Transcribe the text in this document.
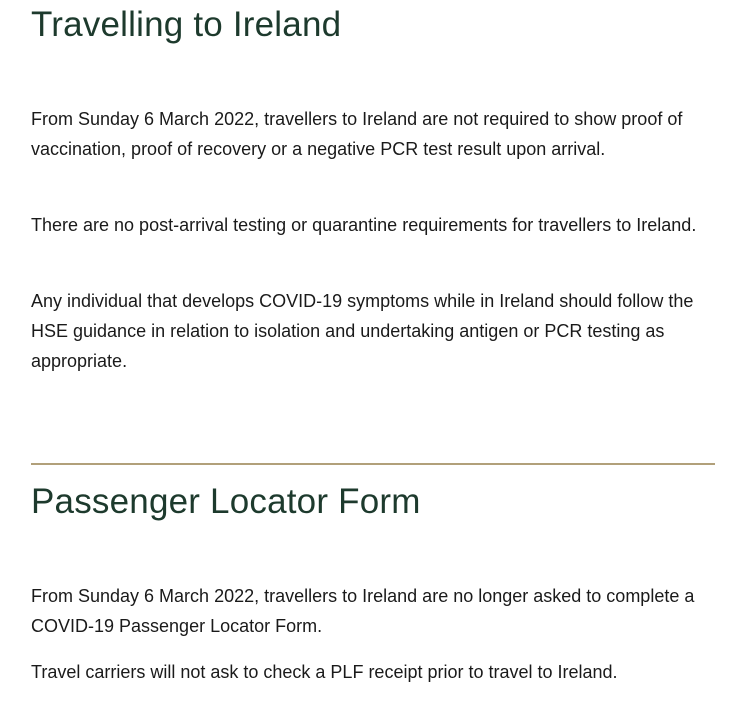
Travelling to Ireland

From Sunday 6 March 2022, travellers to Ireland are not required to show proof of vaccination, proof of recovery or a negative PCR test result upon arrival.

There are no post-arrival testing or quarantine requirements for travellers to Ireland.

Any individual that develops COVID-19 symptoms while in Ireland should follow the HSE guidance in relation to isolation and undertaking antigen or PCR testing as appropriate.

Passenger Locator Form

From Sunday 6 March 2022, travellers to Ireland are no longer asked to complete a COVID-19 Passenger Locator Form.

Travel carriers will not ask to check a PLF receipt prior to travel to Ireland.
